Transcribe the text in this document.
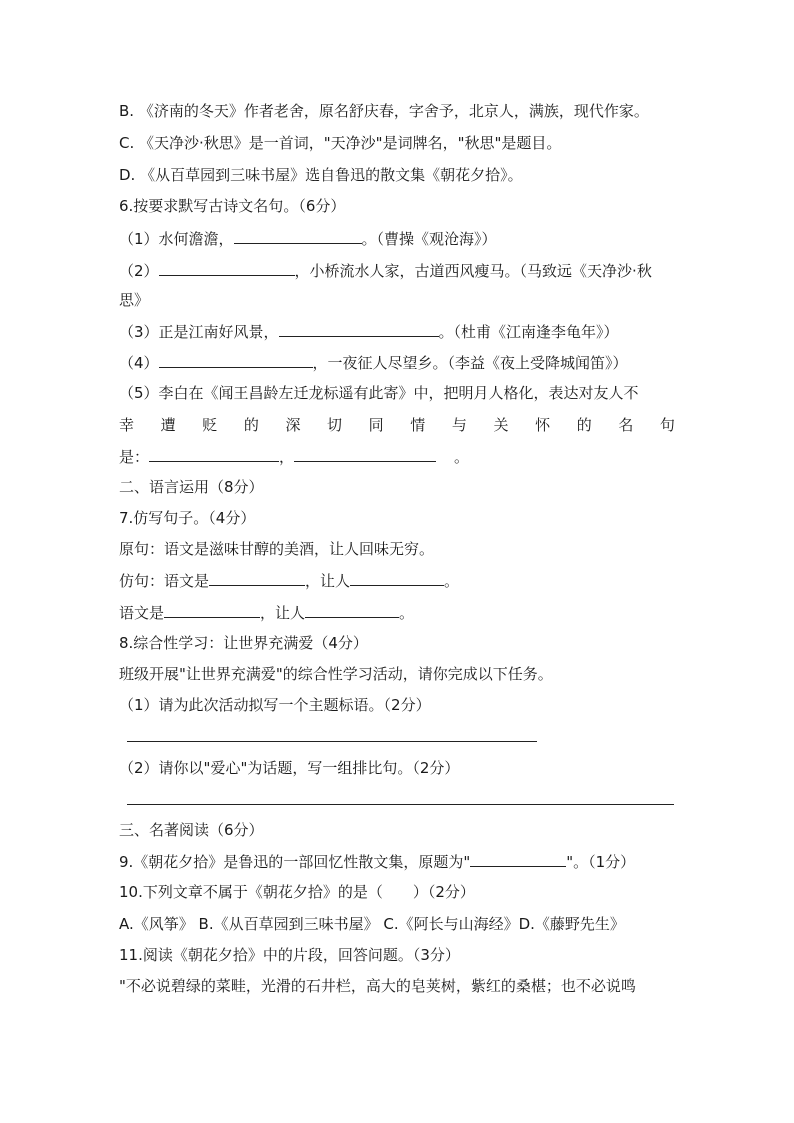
B. 《济南的冬天》作者老舍，原名舒庆春，字舍予，北京人，满族，现代作家。
C. 《天净沙·秋思》是一首词，"天净沙"是词牌名，"秋思"是题目。
D. 《从百草园到三味书屋》选自鲁迅的散文集《朝花夕拾》。
6.按要求默写古诗文名句。（6分）
（1）水何澹澹，	。（曹操《观沧海》）
（2）	，小桥流水人家，古道西风瘦马。（马致远《天净沙·秋
思》
（3）正是江南好风景，	。（杜甫《江南逢李龟年》）
（4）	，一夜征人尽望乡。（李益《夜上受降城闻笛》）
（5）李白在《闻王昌龄左迁龙标遥有此寄》中，把明月人格化，表达对友人不
幸 遭 贬 的 深 切 同 情 与 关 怀 的 名 句
是：	，	。
二、语言运用（8分）
7.仿写句子。（4分）
原句：语文是滋味甘醇的美酒，让人回味无穷。
仿句：语文是	，让人	。
语文是	，让人	。
8.综合性学习：让世界充满爱（4分）
班级开展"让世界充满爱"的综合性学习活动，请你完成以下任务。
（1）请为此次活动拟写一个主题标语。（2分）
（2）请你以"爱心"为话题，写一组排比句。（2分）
三、名著阅读（6分）
9.《朝花夕拾》是鲁迅的一部回忆性散文集，原题为"	"。（1分）
10.下列文章不属于《朝花夕拾》的是（　　）（2分）
A.《风筝》 B.《从百草园到三味书屋》 C.《阿长与山海经》D.《藤野先生》
11.阅读《朝花夕拾》中的片段，回答问题。（3分）
"不必说碧绿的菜畦，光滑的石井栏，高大的皂荚树，紫红的桑椹；也不必说鸣
